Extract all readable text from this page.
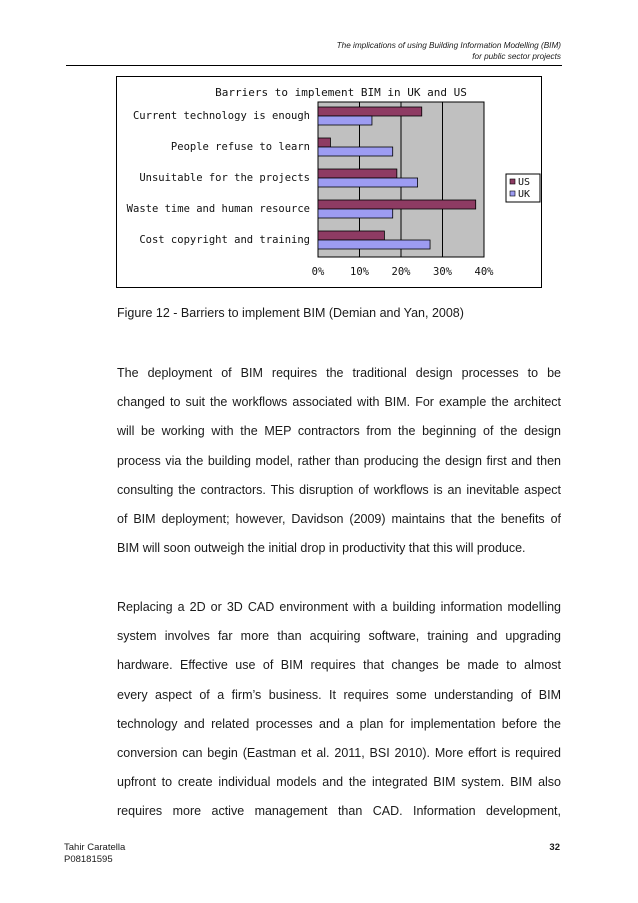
The implications of using Building Information Modelling (BIM)
for public sector projects
Barriers to implement BIM in UK and US
Current technology is enough
People refuse to learn
Unsuitable for the projects
Waste time and human resource
Cost copyright and training
0% 10% 20% 30% 40%
US
UK
Figure 12 - Barriers to implement BIM (Demian and Yan, 2008)
The deployment of BIM requires the traditional design processes to be
changed to suit the workflows associated with BIM. For example the architect
will be working with the MEP contractors from the beginning of the design
process via the building model, rather than producing the design first and then
consulting the contractors. This disruption of workflows is an inevitable aspect
of BIM deployment; however, Davidson (2009) maintains that the benefits of
BIM will soon outweigh the initial drop in productivity that this will produce.
Replacing a 2D or 3D CAD environment with a building information modelling
system involves far more than acquiring software, training and upgrading
hardware. Effective use of BIM requires that changes be made to almost
every aspect of a firm’s business. It requires some understanding of BIM
technology and related processes and a plan for implementation before the
conversion can begin (Eastman et al. 2011, BSI 2010). More effort is required
upfront to create individual models and the integrated BIM system. BIM also
requires more active management than CAD. Information development,
Tahir Caratella
P08181595
32
